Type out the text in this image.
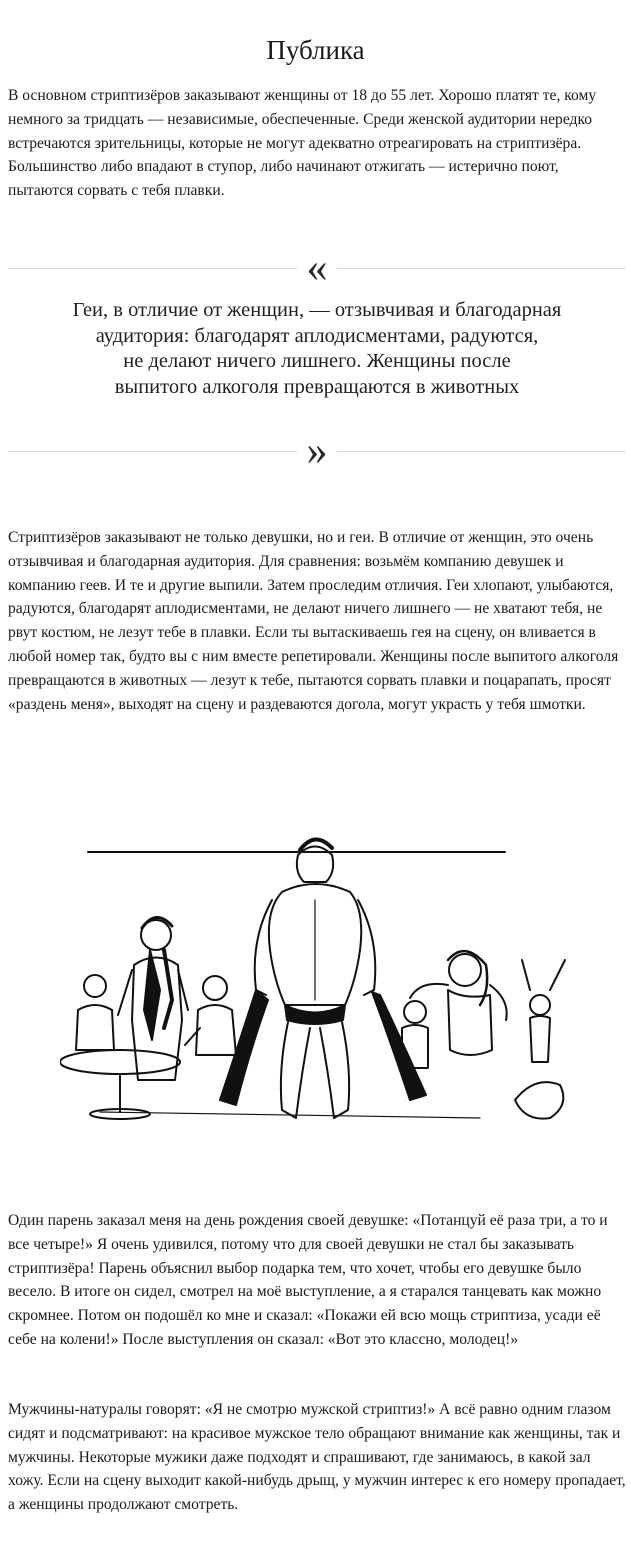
Публика

В основном стриптизёров заказывают женщины от 18 до 55 лет. Хорошо платят те, кому немного за тридцать — независимые, обеспеченные. Среди женской аудитории нередко встречаются зрительницы, которые не могут адекватно отреагировать на стриптизёра. Большинство либо впадают в ступор, либо начинают отжигать — истерично поют, пытаются сорвать с тебя плавки.

«

Геи, в отличие от женщин, — отзывчивая и благодарная
аудитория: благодарят аплодисментами, радуются,
не делают ничего лишнего. Женщины после
выпитого алкоголя превращаются в животных

»

Стриптизёров заказывают не только девушки, но и геи. В отличие от женщин, это очень отзывчивая и благодарная аудитория. Для сравнения: возьмём компанию девушек и компанию геев. И те и другие выпили. Затем проследим отличия. Геи хлопают, улыбаются, радуются, благодарят аплодисментами, не делают ничего лишнего — не хватают тебя, не рвут костюм, не лезут тебе в плавки. Если ты вытаскиваешь гея на сцену, он вливается в любой номер так, будто вы с ним вместе репетировали. Женщины после выпитого алкоголя превращаются в животных — лезут к тебе, пытаются сорвать плавки и поцарапать, просят «раздень меня», выходят на сцену и раздеваются догола, могут украсть у тебя шмотки.

Один парень заказал меня на день рождения своей девушке: «Потанцуй её раза три, а то и все четыре!» Я очень удивился, потому что для своей девушки не стал бы заказывать стриптизёра! Парень объяснил выбор подарка тем, что хочет, чтобы его девушке было весело. В итоге он сидел, смотрел на моё выступление, а я старался танцевать как можно скромнее. Потом он подошёл ко мне и сказал: «Покажи ей всю мощь стриптиза, усади её себе на колени!» После выступления он сказал: «Вот это классно, молодец!»

Мужчины-натуралы говорят: «Я не смотрю мужской стриптиз!» А всё равно одним глазом сидят и подсматривают: на красивое мужское тело обращают внимание как женщины, так и мужчины. Некоторые мужики даже подходят и спрашивают, где занимаюсь, в какой зал хожу. Если на сцену выходит какой-нибудь дрыщ, у мужчин интерес к его номеру пропадает, а женщины продолжают смотреть.
